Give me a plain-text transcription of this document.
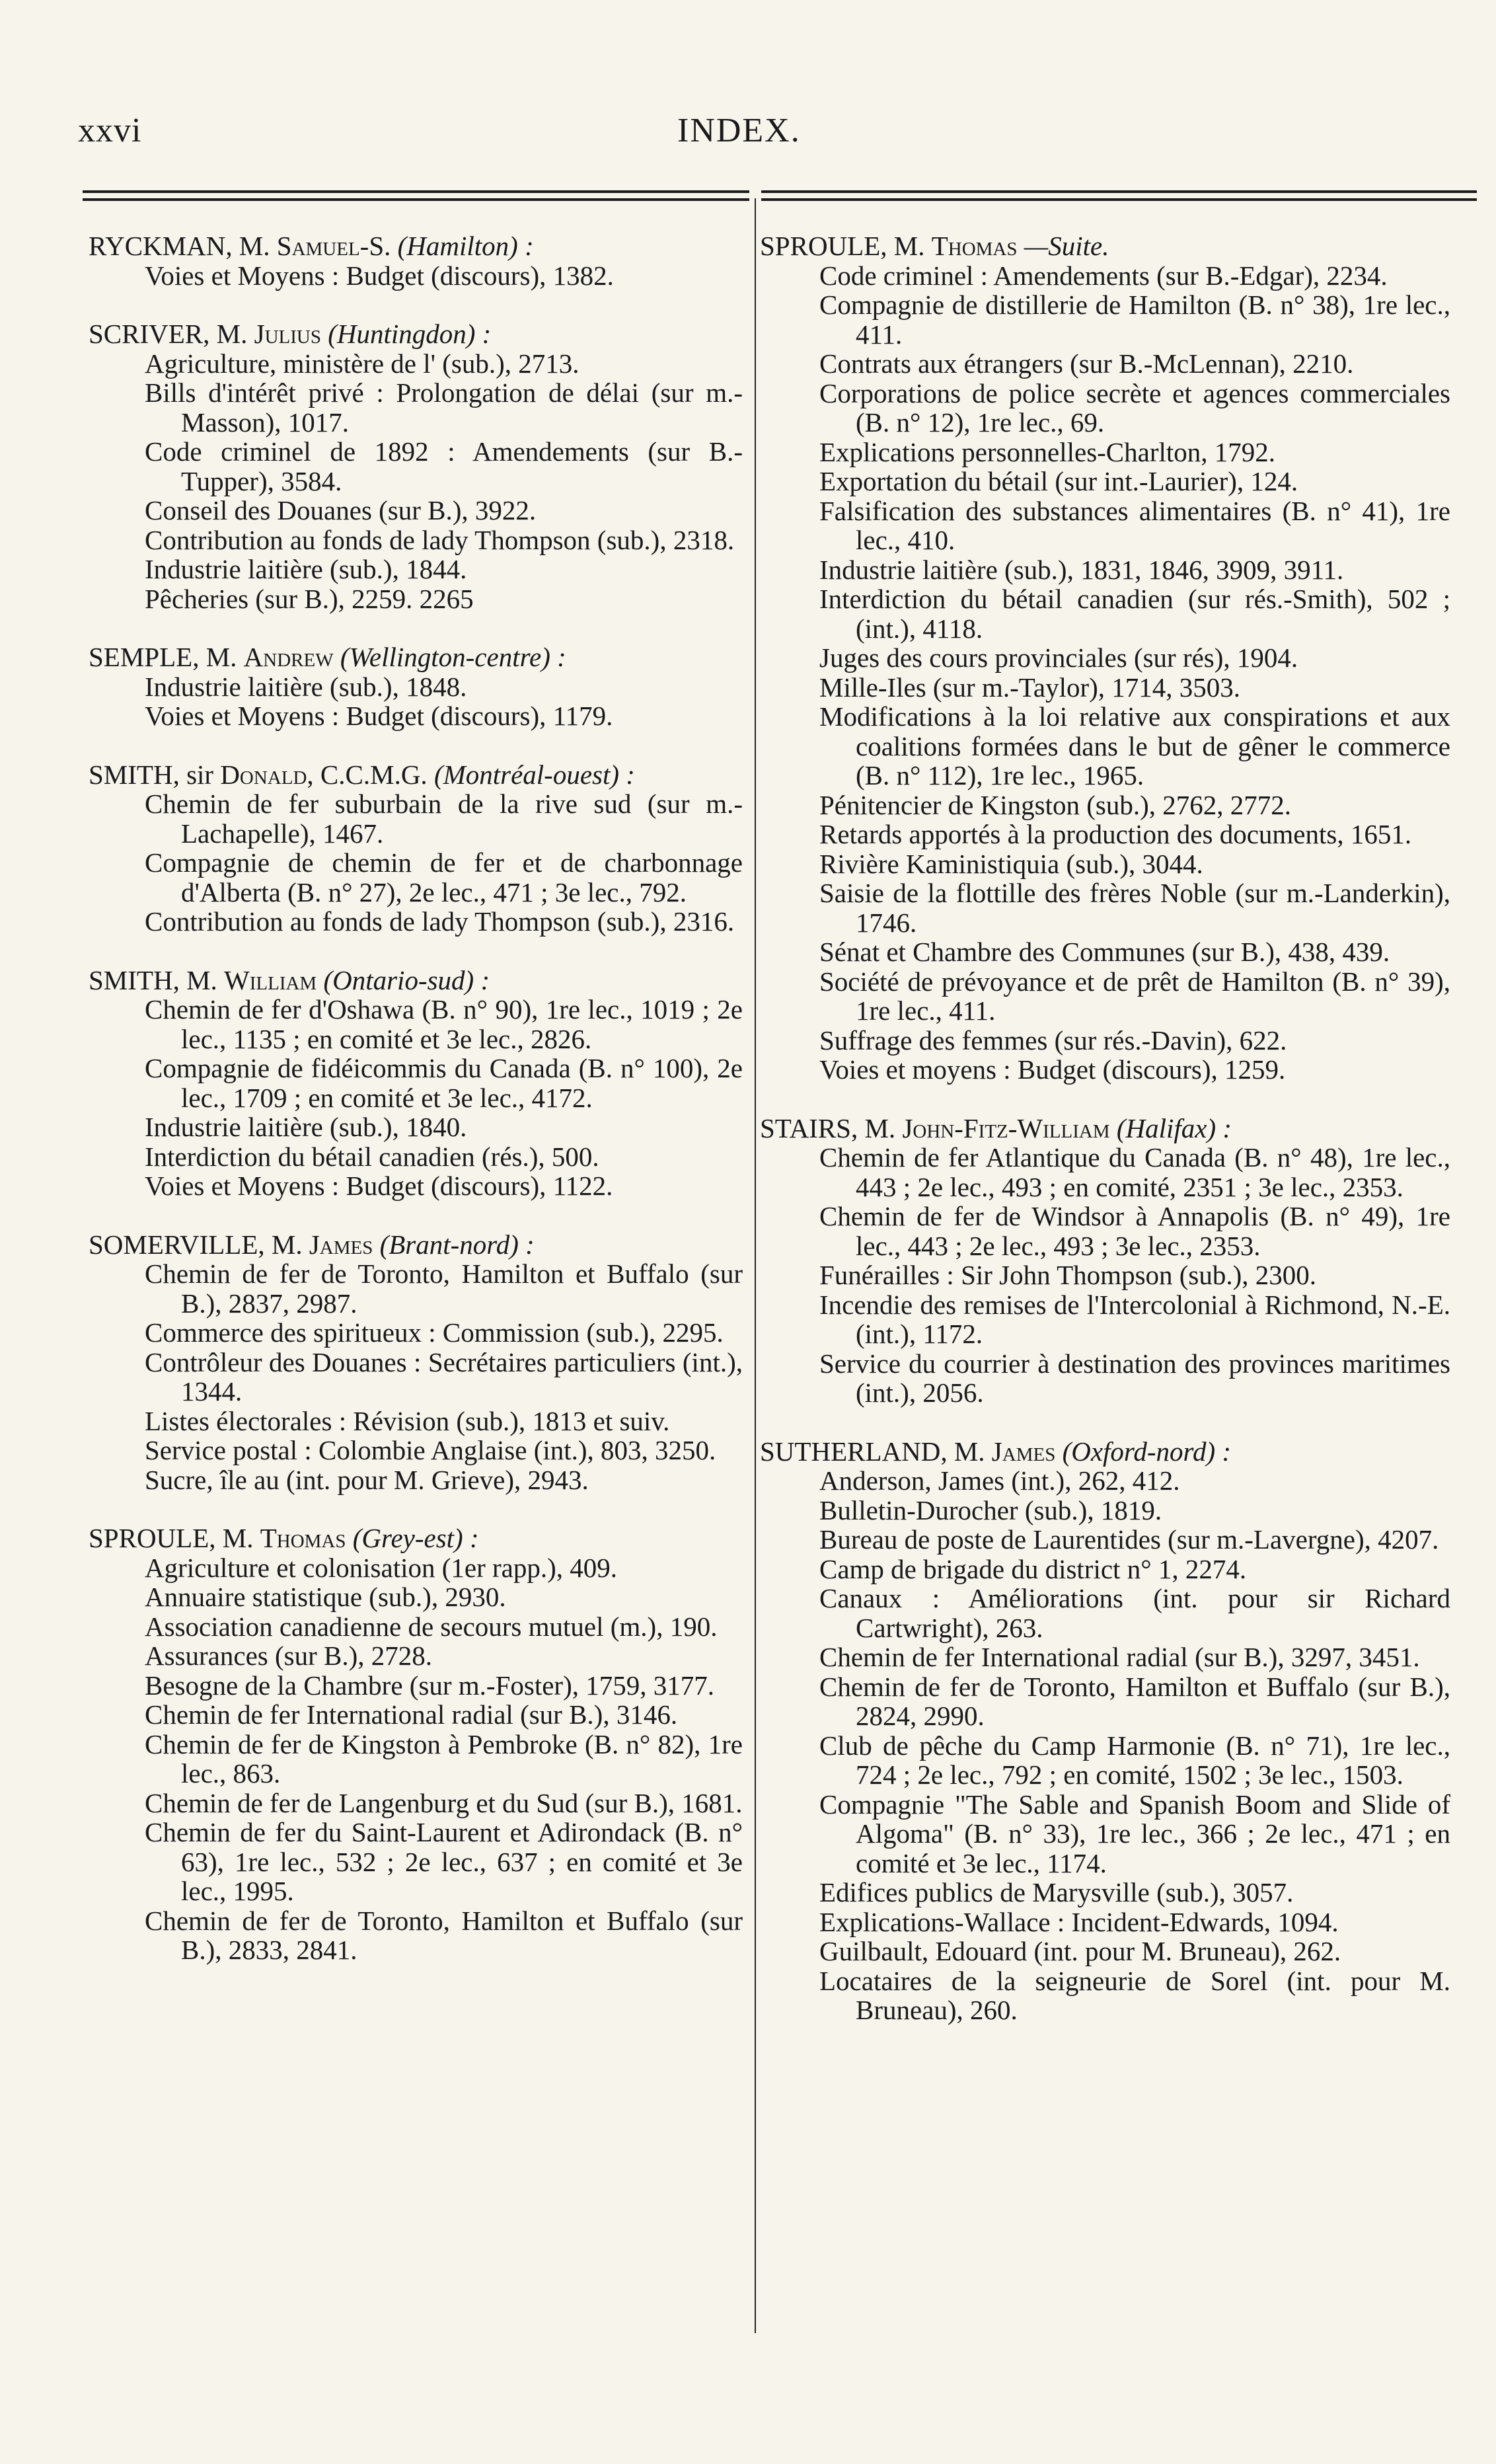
xxvi	INDEX.
RYCKMAN, M. Samuel-S. (Hamilton) :
Voies et Moyens : Budget (discours), 1382.
SCRIVER, M. Julius (Huntingdon) :
Agriculture, ministère de l' (sub.), 2713.
Bills d'intérêt privé : Prolongation de délai (sur m.-Masson), 1017.
Code criminel de 1892 : Amendements (sur B.-Tupper), 3584.
Conseil des Douanes (sur B.), 3922.
Contribution au fonds de lady Thompson (sub.), 2318.
Industrie laitière (sub.), 1844.
Pêcheries (sur B.), 2259. 2265
SEMPLE, M. Andrew (Wellington-centre) :
Industrie laitière (sub.), 1848.
Voies et Moyens : Budget (discours), 1179.
SMITH, sir Donald, C.C.M.G. (Montréal-ouest) :
Chemin de fer suburbain de la rive sud (sur m.-Lachapelle), 1467.
Compagnie de chemin de fer et de charbonnage d'Alberta (B. n° 27), 2e lec., 471 ; 3e lec., 792.
Contribution au fonds de lady Thompson (sub.), 2316.
SMITH, M. William (Ontario-sud) :
Chemin de fer d'Oshawa (B. n° 90), 1re lec., 1019 ; 2e lec., 1135 ; en comité et 3e lec., 2826.
Compagnie de fidéicommis du Canada (B. n° 100), 2e lec., 1709 ; en comité et 3e lec., 4172.
Industrie laitière (sub.), 1840.
Interdiction du bétail canadien (rés.), 500.
Voies et Moyens : Budget (discours), 1122.
SOMERVILLE, M. James (Brant-nord) :
Chemin de fer de Toronto, Hamilton et Buffalo (sur B.), 2837, 2987.
Commerce des spiritueux : Commission (sub.), 2295.
Contrôleur des Douanes : Secrétaires particuliers (int.), 1344.
Listes électorales : Révision (sub.), 1813 et suiv.
Service postal : Colombie Anglaise (int.), 803, 3250.
Sucre, île au (int. pour M. Grieve), 2943.
SPROULE, M. Thomas (Grey-est) :
Agriculture et colonisation (1er rapp.), 409.
Annuaire statistique (sub.), 2930.
Association canadienne de secours mutuel (m.), 190.
Assurances (sur B.), 2728.
Besogne de la Chambre (sur m.-Foster), 1759, 3177.
Chemin de fer International radial (sur B.), 3146.
Chemin de fer de Kingston à Pembroke (B. n° 82), 1re lec., 863.
Chemin de fer de Langenburg et du Sud (sur B.), 1681.
Chemin de fer du Saint-Laurent et Adirondack (B. n° 63), 1re lec., 532 ; 2e lec., 637 ; en comité et 3e lec., 1995.
Chemin de fer de Toronto, Hamilton et Buffalo (sur B.), 2833, 2841.
SPROULE, M. Thomas —Suite.
Code criminel : Amendements (sur B.-Edgar), 2234.
Compagnie de distillerie de Hamilton (B. n° 38), 1re lec., 411.
Contrats aux étrangers (sur B.-McLennan), 2210.
Corporations de police secrète et agences commerciales (B. n° 12), 1re lec., 69.
Explications personnelles-Charlton, 1792.
Exportation du bétail (sur int.-Laurier), 124.
Falsification des substances alimentaires (B. n° 41), 1re lec., 410.
Industrie laitière (sub.), 1831, 1846, 3909, 3911.
Interdiction du bétail canadien (sur rés.-Smith), 502 ; (int.), 4118.
Juges des cours provinciales (sur rés), 1904.
Mille-Iles (sur m.-Taylor), 1714, 3503.
Modifications à la loi relative aux conspirations et aux coalitions formées dans le but de gêner le commerce (B. n° 112), 1re lec., 1965.
Pénitencier de Kingston (sub.), 2762, 2772.
Retards apportés à la production des documents, 1651.
Rivière Kaministiquia (sub.), 3044.
Saisie de la flottille des frères Noble (sur m.-Landerkin), 1746.
Sénat et Chambre des Communes (sur B.), 438, 439.
Société de prévoyance et de prêt de Hamilton (B. n° 39), 1re lec., 411.
Suffrage des femmes (sur rés.-Davin), 622.
Voies et moyens : Budget (discours), 1259.
STAIRS, M. John-Fitz-William (Halifax) :
Chemin de fer Atlantique du Canada (B. n° 48), 1re lec., 443 ; 2e lec., 493 ; en comité, 2351 ; 3e lec., 2353.
Chemin de fer de Windsor à Annapolis (B. n° 49), 1re lec., 443 ; 2e lec., 493 ; 3e lec., 2353.
Funérailles : Sir John Thompson (sub.), 2300.
Incendie des remises de l'Intercolonial à Richmond, N.-E. (int.), 1172.
Service du courrier à destination des provinces maritimes (int.), 2056.
SUTHERLAND, M. James (Oxford-nord) :
Anderson, James (int.), 262, 412.
Bulletin-Durocher (sub.), 1819.
Bureau de poste de Laurentides (sur m.-Lavergne), 4207.
Camp de brigade du district n° 1, 2274.
Canaux : Améliorations (int. pour sir Richard Cartwright), 263.
Chemin de fer International radial (sur B.), 3297, 3451.
Chemin de fer de Toronto, Hamilton et Buffalo (sur B.), 2824, 2990.
Club de pêche du Camp Harmonie (B. n° 71), 1re lec., 724 ; 2e lec., 792 ; en comité, 1502 ; 3e lec., 1503.
Compagnie "The Sable and Spanish Boom and Slide of Algoma" (B. n° 33), 1re lec., 366 ; 2e lec., 471 ; en comité et 3e lec., 1174.
Edifices publics de Marysville (sub.), 3057.
Explications-Wallace : Incident-Edwards, 1094.
Guilbault, Edouard (int. pour M. Bruneau), 262.
Locataires de la seigneurie de Sorel (int. pour M. Bruneau), 260.
